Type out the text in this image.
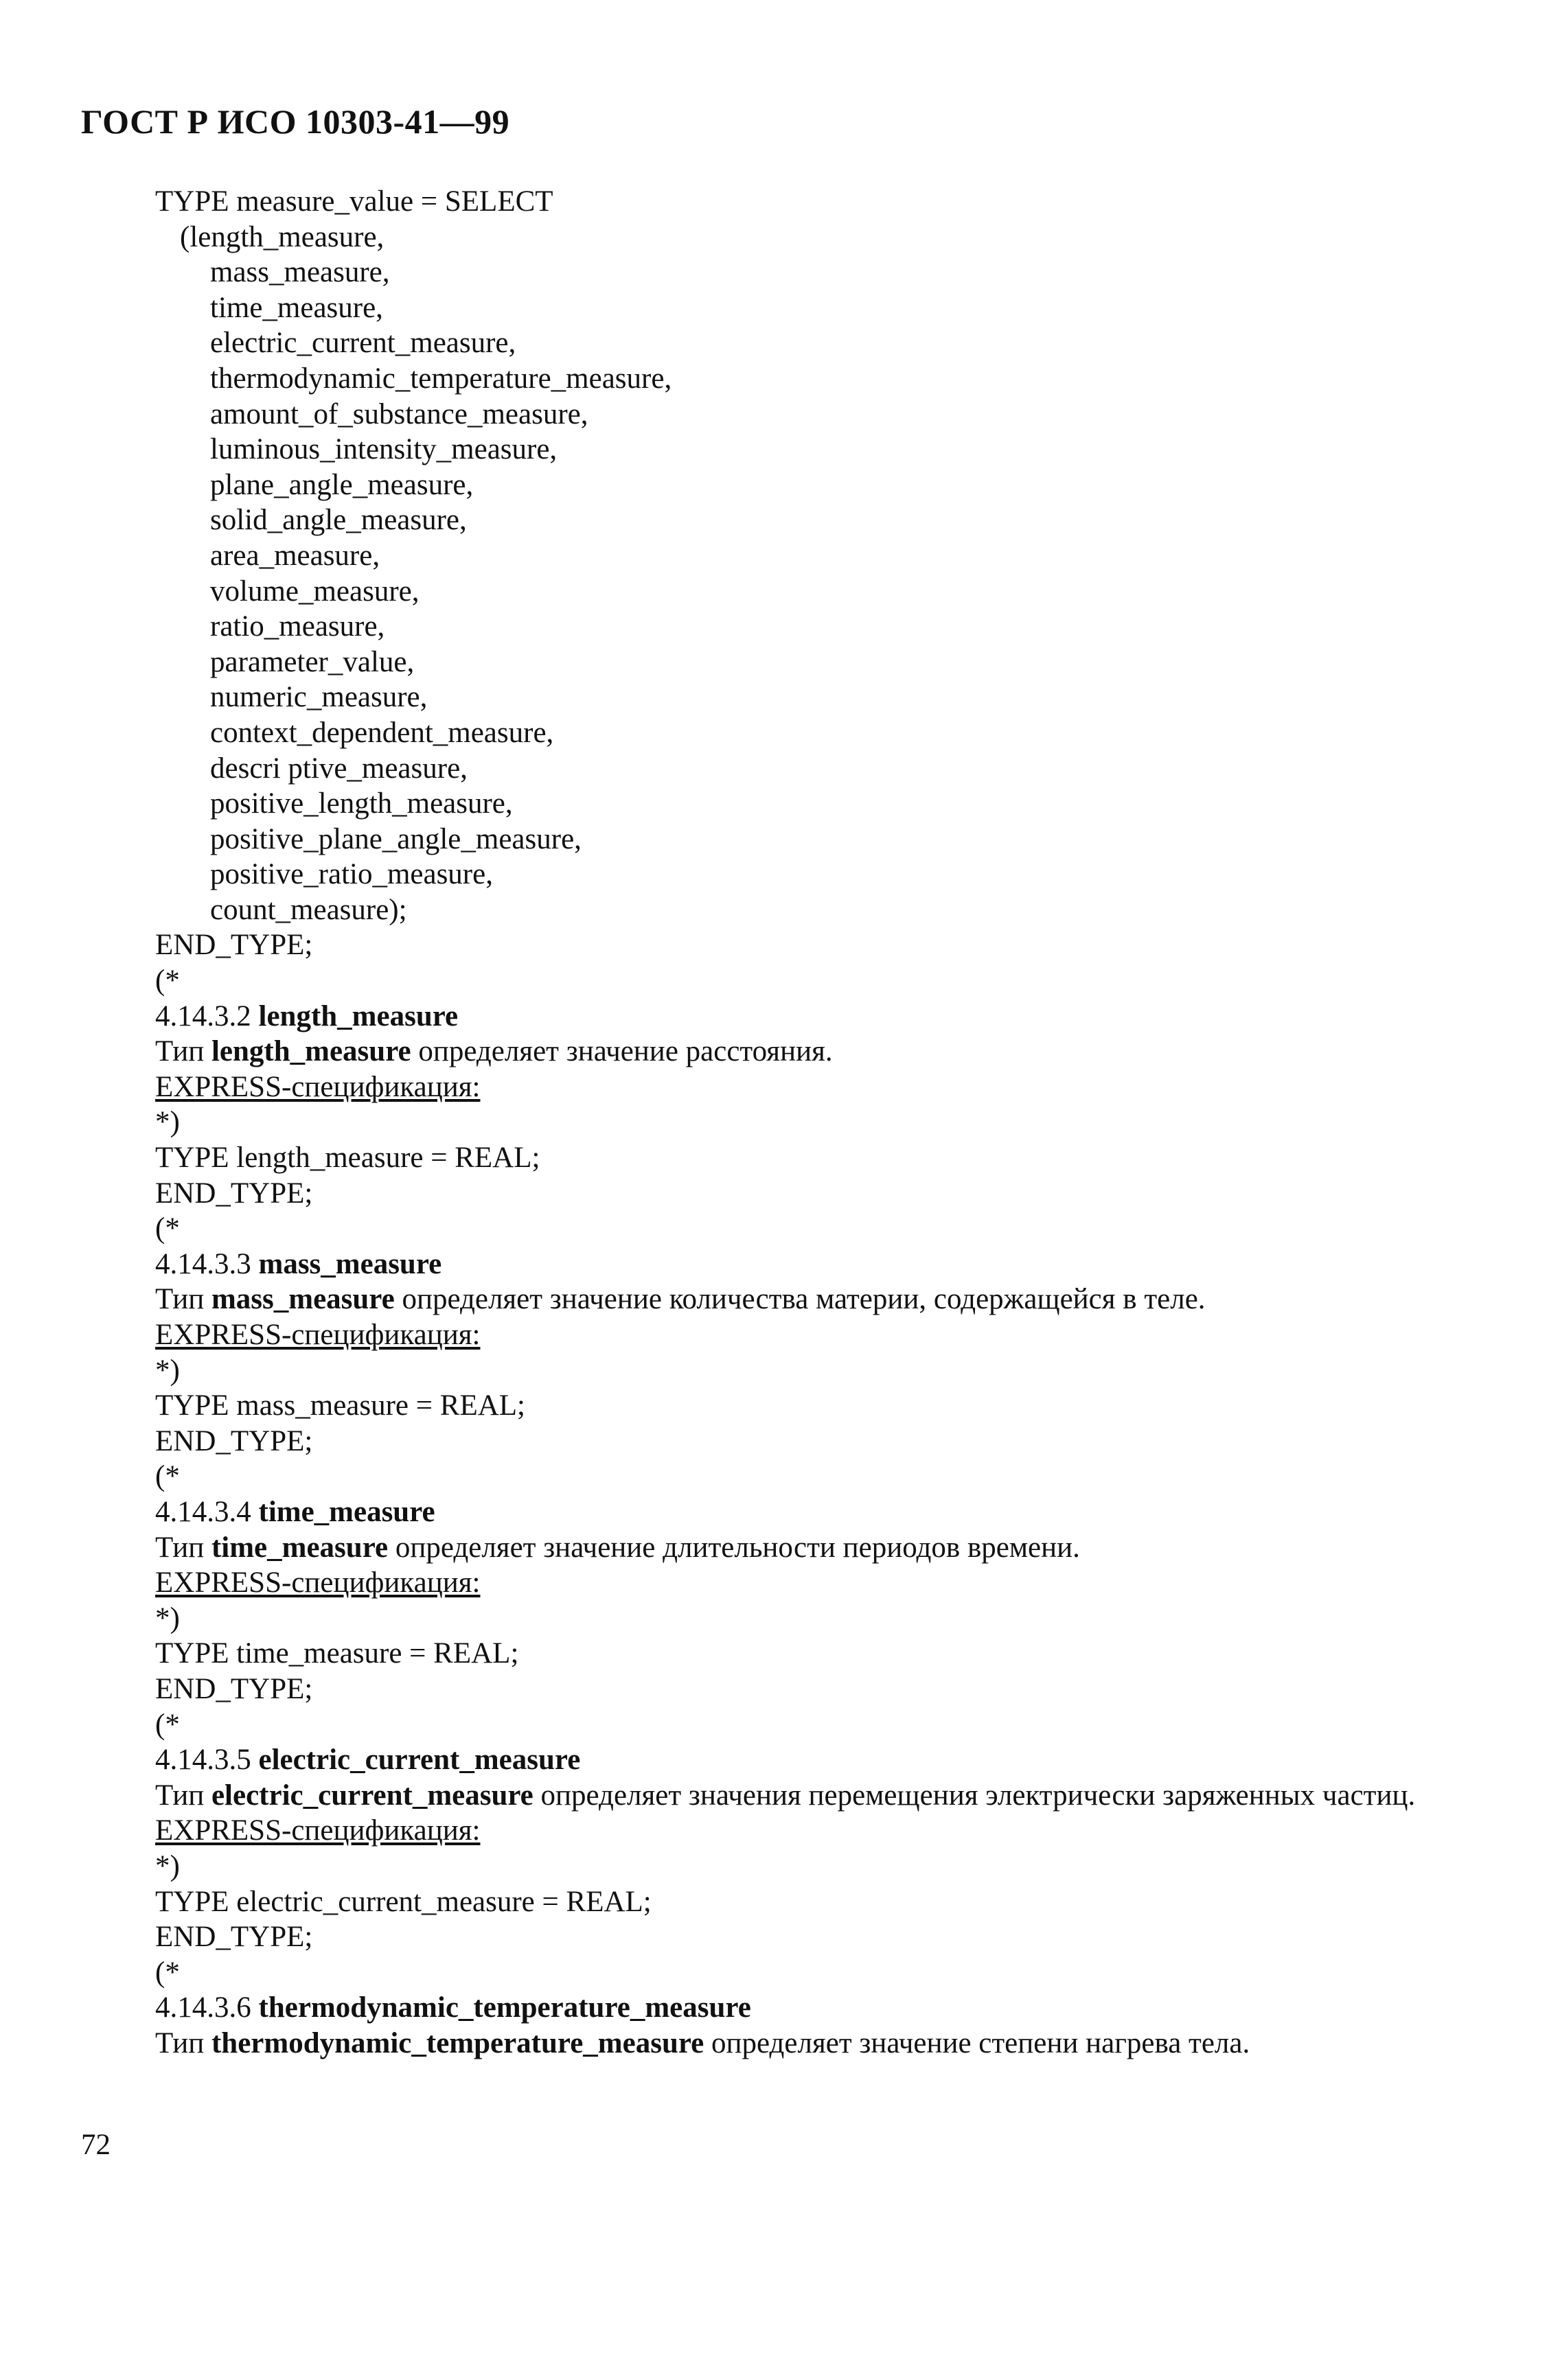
ГОСТ Р ИСО 10303-41—99
TYPE measure_value = SELECT
(length_measure,
mass_measure,
time_measure,
electric_current_measure,
thermodynamic_temperature_measure,
amount_of_substance_measure,
luminous_intensity_measure,
plane_angle_measure,
solid_angle_measure,
area_measure,
volume_measure,
ratio_measure,
parameter_value,
numeric_measure,
context_dependent_measure,
descri ptive_measure,
positive_length_measure,
positive_plane_angle_measure,
positive_ratio_measure,
count_measure);
END_TYPE;
(*
4.14.3.2 length_measure
Тип length_measure определяет значение расстояния.
EXPRESS-спецификация:
*)
TYPE length_measure = REAL;
END_TYPE;
(*
4.14.3.3 mass_measure
Тип mass_measure определяет значение количества материи, содержащейся в теле.
EXPRESS-спецификация:
*)
TYPE mass_measure = REAL;
END_TYPE;
(*
4.14.3.4 time_measure
Тип time_measure определяет значение длительности периодов времени.
EXPRESS-спецификация:
*)
TYPE time_measure = REAL;
END_TYPE;
(*
4.14.3.5 electric_current_measure
Тип electric_current_measure определяет значения перемещения электрически заряженных частиц.
EXPRESS-спецификация:
*)
TYPE electric_current_measure = REAL;
END_TYPE;
(*
4.14.3.6 thermodynamic_temperature_measure
Тип thermodynamic_temperature_measure определяет значение степени нагрева тела.
72
